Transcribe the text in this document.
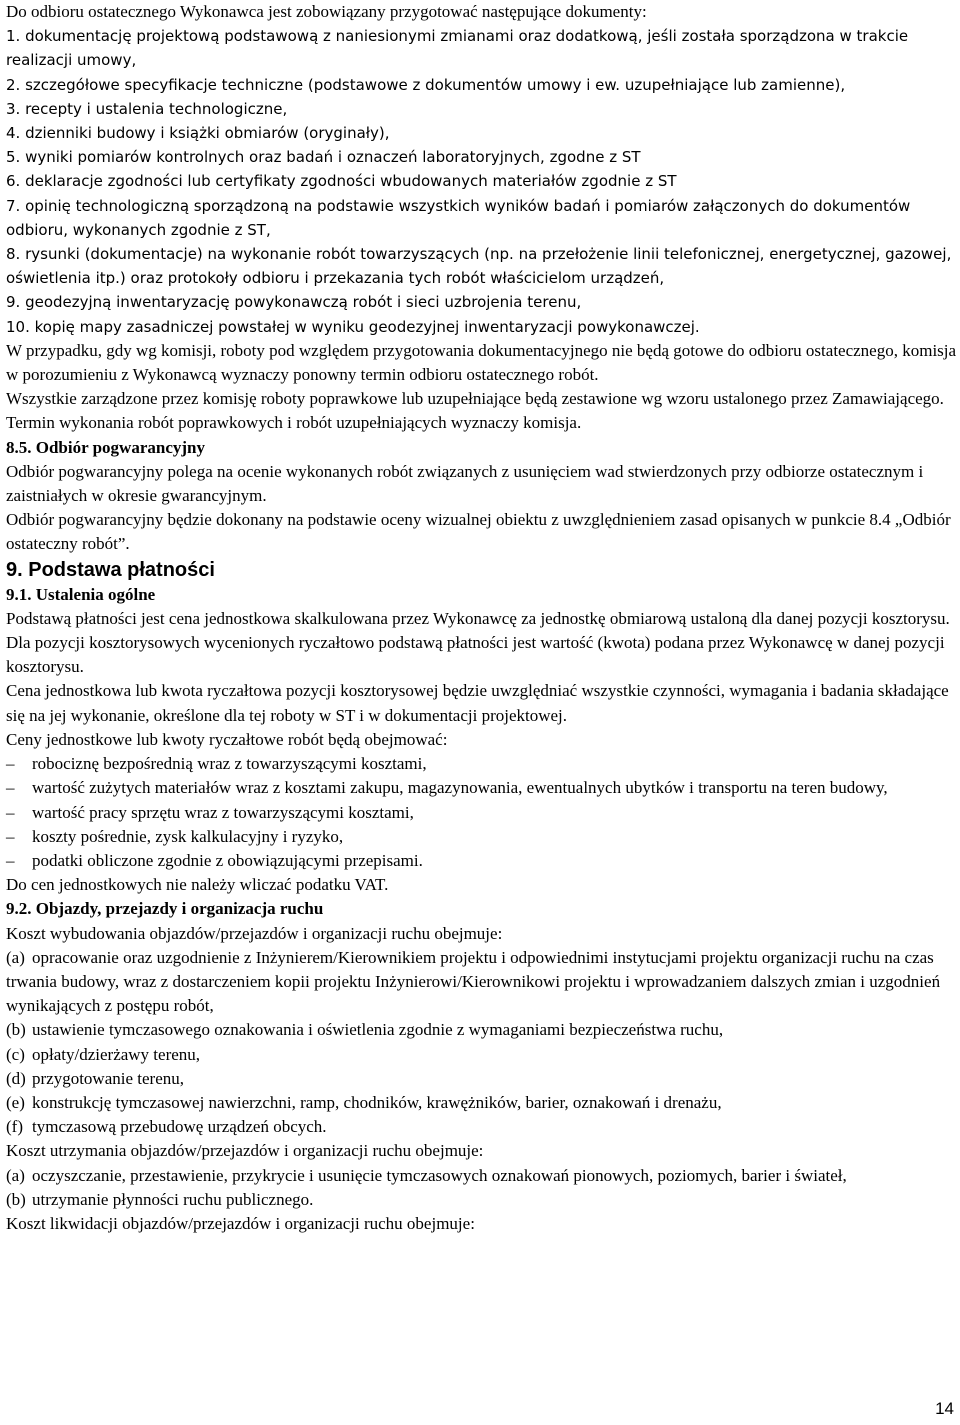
Do odbioru ostatecznego Wykonawca jest zobowiązany przygotować następujące dokumenty:

1. dokumentację projektową podstawową z naniesionymi zmianami oraz dodatkową, jeśli została sporządzona w trakcie realizacji umowy,

2. szczegółowe specyfikacje techniczne (podstawowe z dokumentów umowy i ew. uzupełniające lub zamienne),

3. recepty i ustalenia technologiczne,

4. dzienniki budowy i książki obmiarów (oryginały),

5. wyniki pomiarów kontrolnych oraz badań i oznaczeń laboratoryjnych, zgodne z ST

6. deklaracje zgodności lub certyfikaty zgodności wbudowanych materiałów zgodnie z ST

7. opinię technologiczną sporządzoną na podstawie wszystkich wyników badań i pomiarów załączonych do dokumentów odbioru, wykonanych zgodnie z ST,

8. rysunki (dokumentacje) na wykonanie robót towarzyszących (np. na przełożenie linii telefonicznej, energetycznej, gazowej, oświetlenia itp.) oraz protokoły odbioru i przekazania tych robót właścicielom urządzeń,

9. geodezyjną inwentaryzację powykonawczą robót i sieci uzbrojenia terenu,

10. kopię mapy zasadniczej powstałej w wyniku geodezyjnej inwentaryzacji powykonawczej.

W przypadku, gdy wg komisji, roboty pod względem przygotowania dokumentacyjnego nie będą gotowe do odbioru ostatecznego, komisja w porozumieniu z Wykonawcą wyznaczy ponowny termin odbioru ostatecznego robót.

Wszystkie zarządzone przez komisję roboty poprawkowe lub uzupełniające będą zestawione wg wzoru ustalonego przez Zamawiającego.

Termin wykonania robót poprawkowych i robót uzupełniających wyznaczy komisja.

8.5. Odbiór pogwarancyjny

Odbiór pogwarancyjny polega na ocenie wykonanych robót związanych z usunięciem wad stwierdzonych przy odbiorze ostatecznym i zaistniałych w okresie gwarancyjnym.

Odbiór pogwarancyjny będzie dokonany na podstawie oceny wizualnej obiektu z uwzględnieniem zasad opisanych w punkcie 8.4 „Odbiór ostateczny robót”.

9. Podstawa płatności

9.1. Ustalenia ogólne

Podstawą płatności jest cena jednostkowa skalkulowana przez Wykonawcę za jednostkę obmiarową ustaloną dla danej pozycji kosztorysu.

Dla pozycji kosztorysowych wycenionych ryczałtowo podstawą płatności jest wartość (kwota) podana przez Wykonawcę w danej pozycji kosztorysu.

Cena jednostkowa lub kwota ryczałtowa pozycji kosztorysowej będzie uwzględniać wszystkie czynności, wymagania i badania składające się na jej wykonanie, określone dla tej roboty w ST i w dokumentacji projektowej.

Ceny jednostkowe lub kwoty ryczałtowe robót będą obejmować:

– robociznę bezpośrednią wraz z towarzyszącymi kosztami,

– wartość zużytych materiałów wraz z kosztami zakupu, magazynowania, ewentualnych ubytków i transportu na teren budowy,

– wartość pracy sprzętu wraz z towarzyszącymi kosztami,

– koszty pośrednie, zysk kalkulacyjny i ryzyko,

– podatki obliczone zgodnie z obowiązującymi przepisami.

Do cen jednostkowych nie należy wliczać podatku VAT.

9.2. Objazdy, przejazdy i organizacja ruchu

Koszt wybudowania objazdów/przejazdów i organizacji ruchu obejmuje:

(a) opracowanie oraz uzgodnienie z Inżynierem/Kierownikiem projektu i odpowiednimi instytucjami projektu organizacji ruchu na czas trwania budowy, wraz z dostarczeniem kopii projektu Inżynierowi/Kierownikowi projektu i wprowadzaniem dalszych zmian i uzgodnień wynikających z postępu robót,

(b) ustawienie tymczasowego oznakowania i oświetlenia zgodnie z wymaganiami bezpieczeństwa ruchu,

(c) opłaty/dzierżawy terenu,

(d) przygotowanie terenu,

(e) konstrukcję tymczasowej nawierzchni, ramp, chodników, krawężników, barier, oznakowań i drenażu,

(f) tymczasową przebudowę urządzeń obcych.

Koszt utrzymania objazdów/przejazdów i organizacji ruchu obejmuje:

(a) oczyszczanie, przestawienie, przykrycie i usunięcie tymczasowych oznakowań pionowych, poziomych, barier i świateł,

(b) utrzymanie płynności ruchu publicznego.

Koszt likwidacji objazdów/przejazdów i organizacji ruchu obejmuje:

14
